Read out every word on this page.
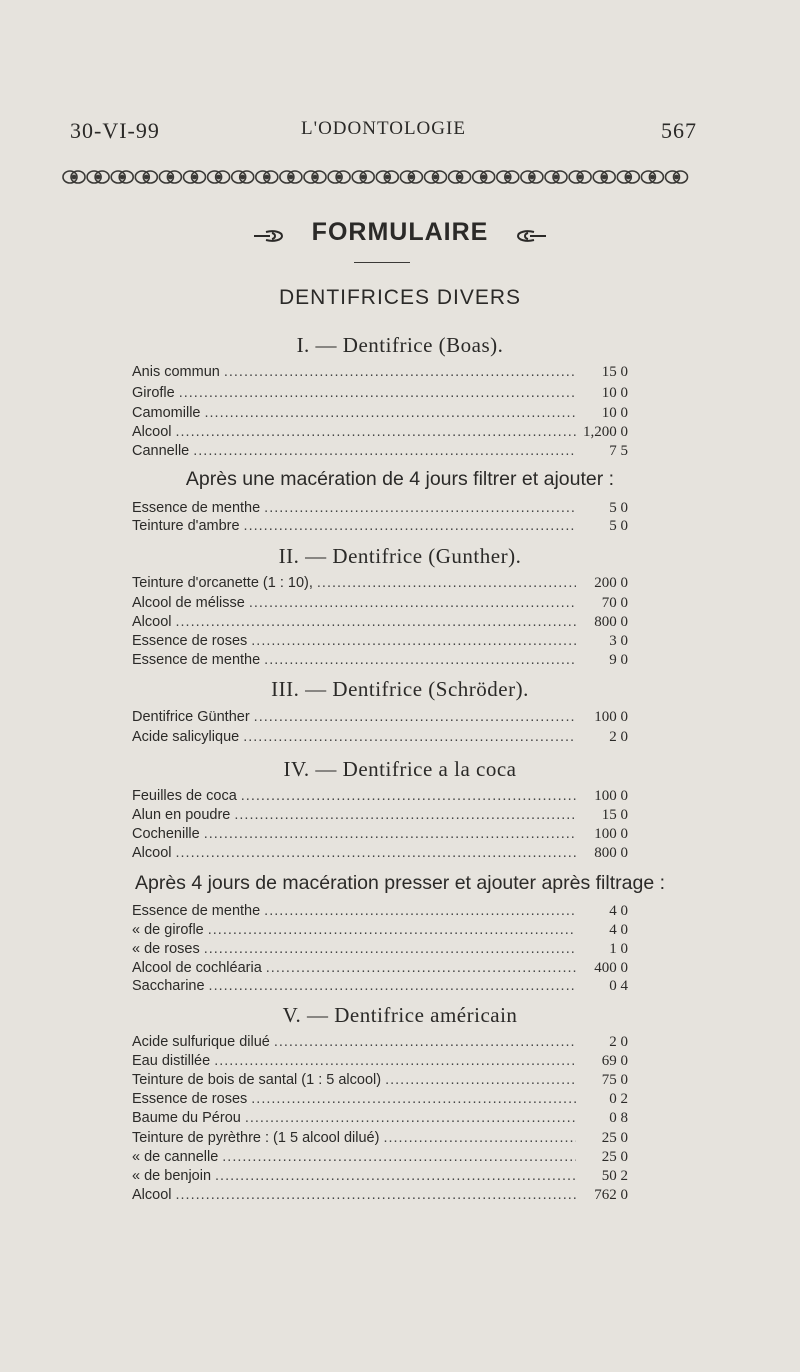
30-VI-99	L'ODONTOLOGIE	567
FORMULAIRE
DENTIFRICES DIVERS
I. — Dentifrice (Boas).
Anis commun .....	15 0
Girofle .....	10 0
Camomille .....	10 0
Alcool .....	1,200 0
Cannelle .....	7 5
Après une macération de 4 jours filtrer et ajouter :
Essence de menthe .....	5 0
Teinture d'ambre .....	5 0
II. — Dentifrice (Gunther).
Teinture d'orcanette (1 : 10), .....	200 0
Alcool de mélisse .....	70 0
Alcool .....	800 0
Essence de roses .....	3 0
Essence de menthe .....	9 0
III. — Dentifrice (Schröder).
Dentifrice Günther .....	100 0
Acide salicylique .....	2 0
IV. — Dentifrice a la coca
Feuilles de coca .....	100 0
Alun en poudre .....	15 0
Cochenille .....	100 0
Alcool .....	800 0
Après 4 jours de macération presser et ajouter après filtrage :
Essence de menthe .....	4 0
« de girofle .....	4 0
« de roses .....	1 0
Alcool de cochléaria .....	400 0
Saccharine .....	0 4
V. — Dentifrice américain
Acide sulfurique dilué .....	2 0
Eau distillée .....	69 0
Teinture de bois de santal (1 : 5 alcool) .....	75 0
Essence de roses .....	0 2
Baume du Pérou .....	0 8
Teinture de pyrèthre : (1 5 alcool dilué) .....	25 0
« de cannelle .....	25 0
« de benjoin .....	50 2
Alcool .....	762 0
